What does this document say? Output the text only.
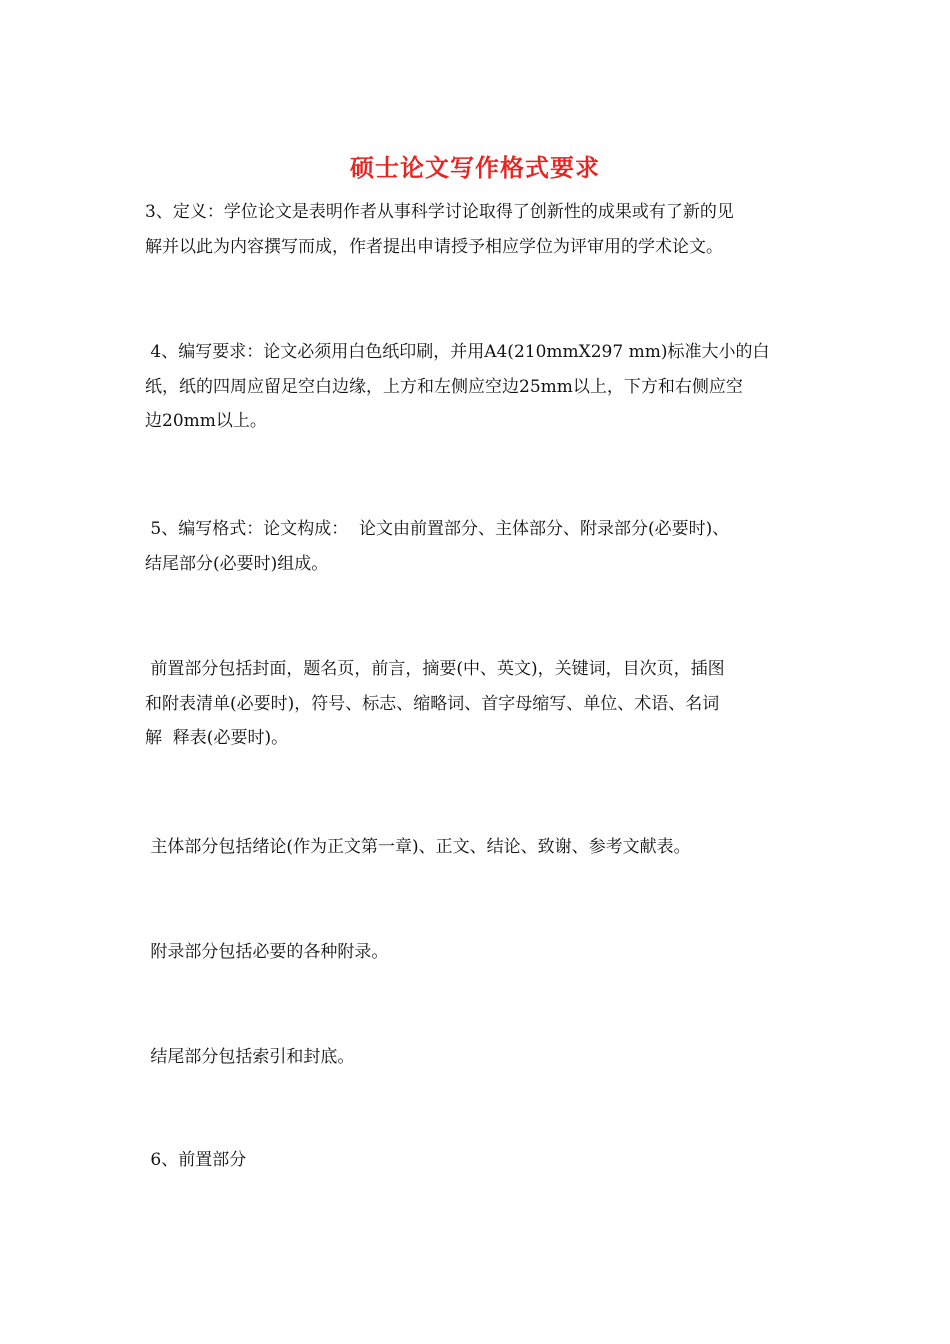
硕士论文写作格式要求
3、定义：学位论文是表明作者从事科学讨论取得了创新性的成果或有了新的见
解并以此为内容撰写而成，作者提出申请授予相应学位为评审用的学术论文。
4、编写要求：论文必须用白色纸印刷，并用A4(210mmX297 mm)标准大小的白
纸，纸的四周应留足空白边缘，上方和左侧应空边25mm以上，下方和右侧应空
边20mm以上。
5、编写格式：论文构成：  论文由前置部分、主体部分、附录部分(必要时)、
结尾部分(必要时)组成。
前置部分包括封面，题名页，前言，摘要(中、英文)，关键词，目次页，插图
和附表清单(必要时)，符号、标志、缩略词、首字母缩写、单位、术语、名词
解  释表(必要时)。
主体部分包括绪论(作为正文第一章)、正文、结论、致谢、参考文献表。
附录部分包括必要的各种附录。
结尾部分包括索引和封底。
6、前置部分
